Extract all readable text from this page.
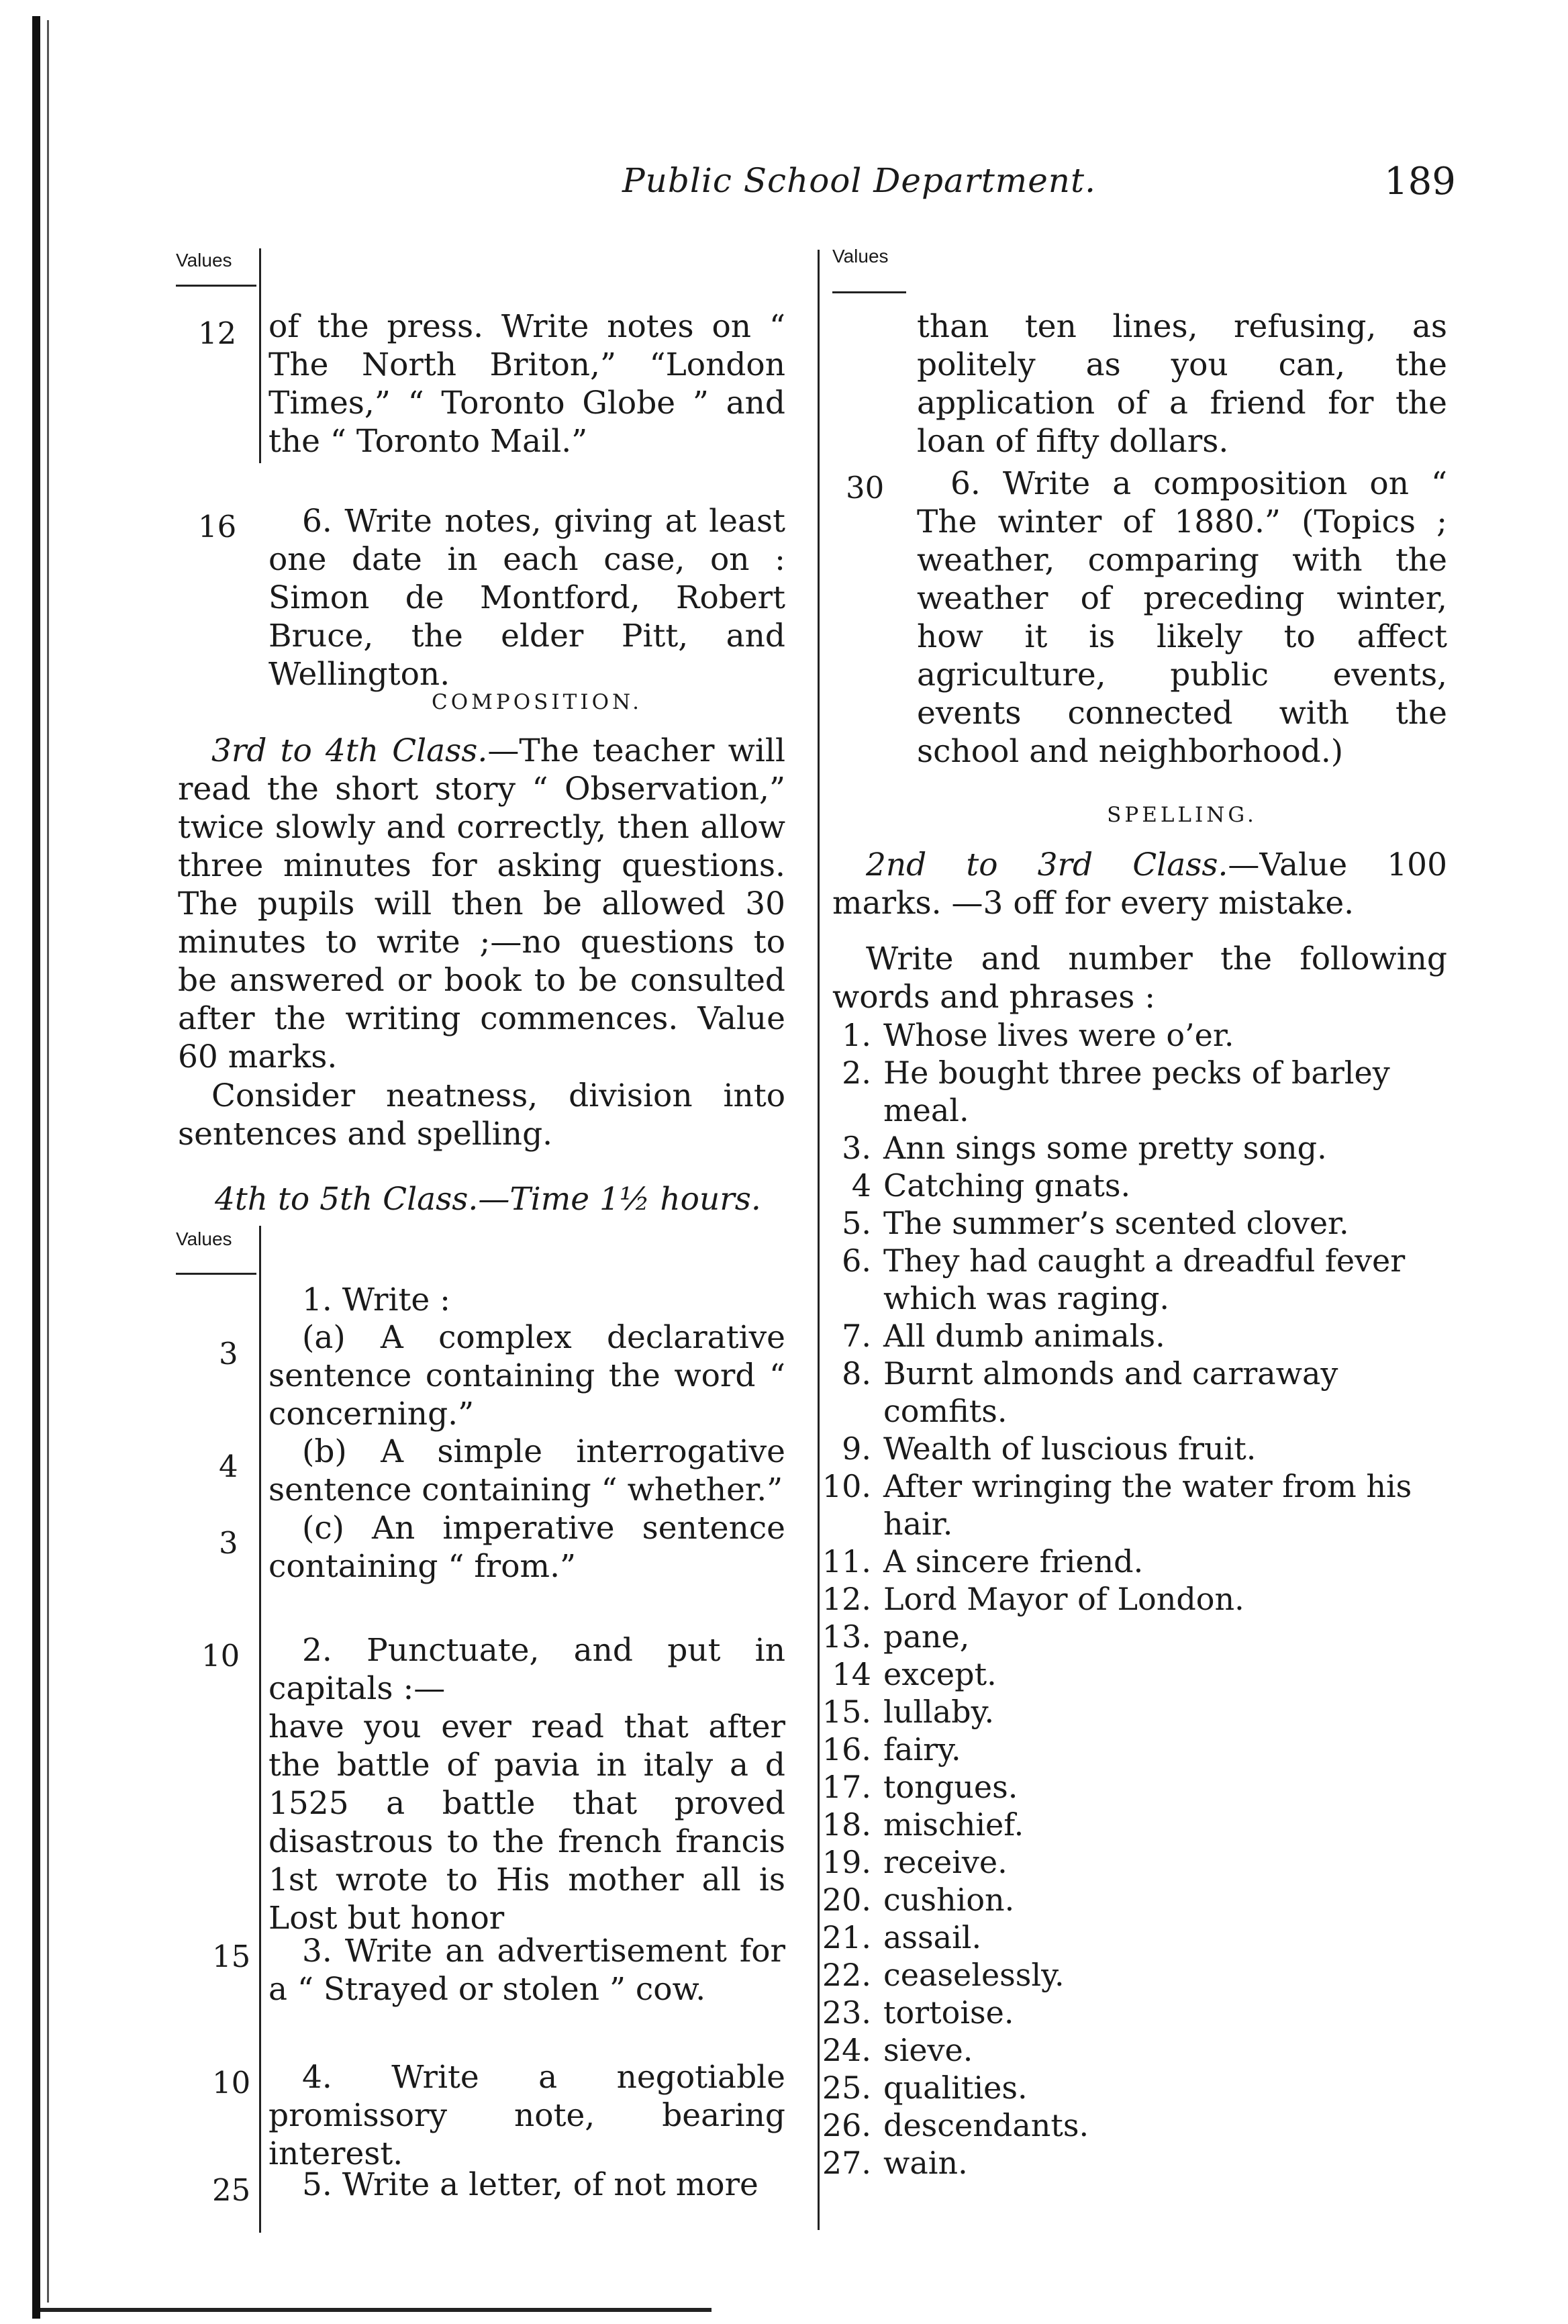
Public School Department.	189
Values
12 of the press. Write notes on “ The North Briton,” “London Times,” “ Toronto Globe ” and the “ Toronto Mail.”
16	6. Write notes, giving at least one date in each case, on : Simon de Montford, Robert Bruce, the elder Pitt, and Wellington.
COMPOSITION.
3rd to 4th Class.—The teacher will read the short story “ Observation,” twice slowly and correctly, then allow three minutes for asking questions. The pupils will then be allowed 30 minutes to write ;—no questions to be answered or book to be consulted after the writing commences. Value 60 marks.
Consider neatness, division into sentences and spelling.
4th to 5th Class.—Time 1½ hours.
Values
1. Write :
3	(a) A complex declarative sentence containing the word “ concerning.”
4	(b) A simple interrogative sentence containing “ whether.”
3	(c) An imperative sentence containing “ from.”
10	2. Punctuate, and put in capitals :—
have you ever read that after the battle of pavia in italy a d 1525 a battle that proved disastrous to the french francis 1st wrote to His mother all is Lost but honor
15	3. Write an advertisement for a “ Strayed or stolen ” cow.
10	4. Write a negotiable promissory note, bearing interest.
25 5. Write a letter, of not more
Values
than ten lines, refusing, as politely as you can, the application of a friend for the loan of fifty dollars.
30	6. Write a composition on “ The winter of 1880.” (Topics ; weather, comparing with the weather of preceding winter, how it is likely to affect agriculture, public events, events connected with the school and neighborhood.)
SPELLING.
2nd to 3rd Class.—Value 100 marks. —3 off for every mistake.
Write and number the following words and phrases :
1. Whose lives were o’er.
2. He bought three pecks of barley meal.
3. Ann sings some pretty song.
4 Catching gnats.
5. The summer’s scented clover.
6. They had caught a dreadful fever which was raging.
7. All dumb animals.
8. Burnt almonds and carraway comfits.
9. Wealth of luscious fruit.
10. After wringing the water from his hair.
11. A sincere friend.
12. Lord Mayor of London.
13. pane,
14 except.
15. lullaby.
16. fairy.
17. tongues.
18. mischief.
19. receive.
20. cushion.
21. assail.
22. ceaselessly.
23. tortoise.
24. sieve.
25. qualities.
26. descendants.
27. wain.
